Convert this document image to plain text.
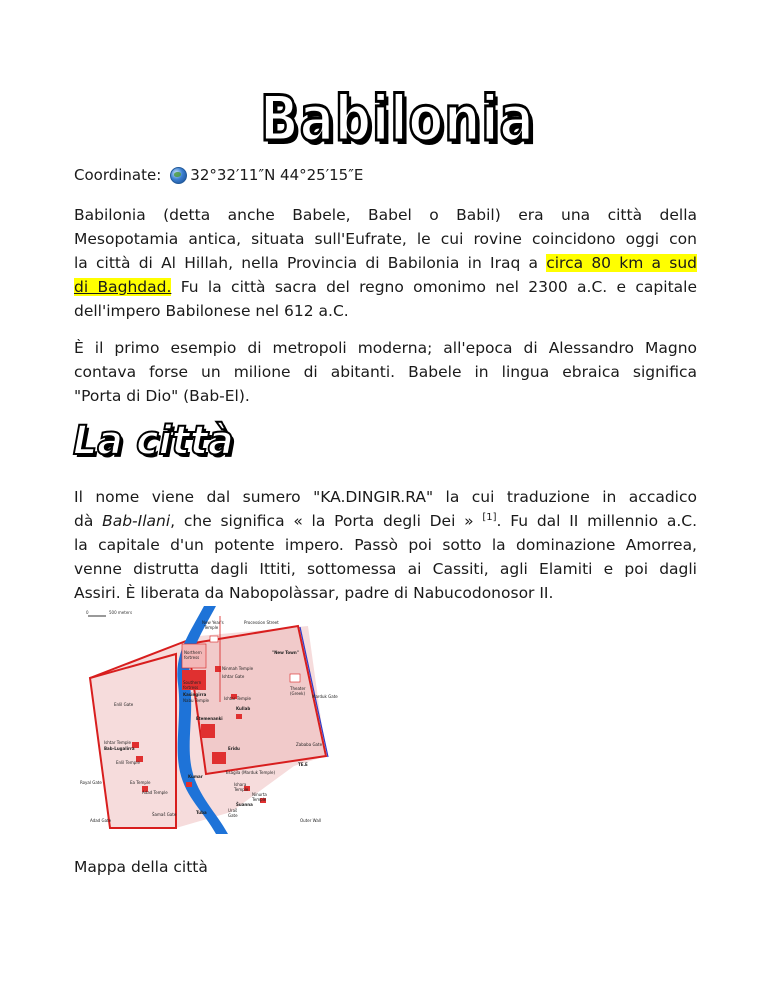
Babilonia
Coordinate: 32°32′11″N 44°25′15″E
Babilonia (detta anche Babele, Babel o Babil) era una città della
Mesopotamia antica, situata sull'Eufrate, le cui rovine coincidono oggi con
la città di Al Hillah, nella Provincia di Babilonia in Iraq a circa 80 km a sud
di Baghdad. Fu la città sacra del regno omonimo nel 2300 a.C. e capitale
dell'impero Babilonese nel 612 a.C.
È il primo esempio di metropoli moderna; all'epoca di Alessandro Magno
contava forse un milione di abitanti. Babele in lingua ebraica significa
"Porta di Dio" (Bab-El).
La città
Il nome viene dal sumero "KA.DINGIR.RA" la cui traduzione in accadico
dà Bab-Ilani, che significa « la Porta degli Dei » [1]. Fu dal II millennio a.C.
la capitale d'un potente impero. Passò poi sotto la dominazione Amorrea,
venne distrutta dagli Ittiti, sottomessa ai Cassiti, agli Elamiti e poi dagli
Assiri. È liberata da Nabopolàssar, padre di Nabucodonosor II.
0	500 meters
New Year's
Temple
Procession Street
Northern
fortress
"New Town"
Ninmah Temple
Ishtar Gate
Theater
(Greek)
Southern
fortress
Kasingirra
Nabu Temple	Ishtar Temple
Kullab
Marduk Gate
Enlil Gate
Etemenanki
Ishtar Temple
Eridu
Bab-Lugalirra
Enlil Temple
Zababa Gate
Esagila (Marduk Temple)
TE.E
Royal Gate
Kumar
Ea Temple
Adad Temple
Ishara
Temple
Ninurta
Temple
Šuanna
Uraš
Gate
Šamaš Gate	Tuba
Adad Gate	Outer Wall
Mappa della città
